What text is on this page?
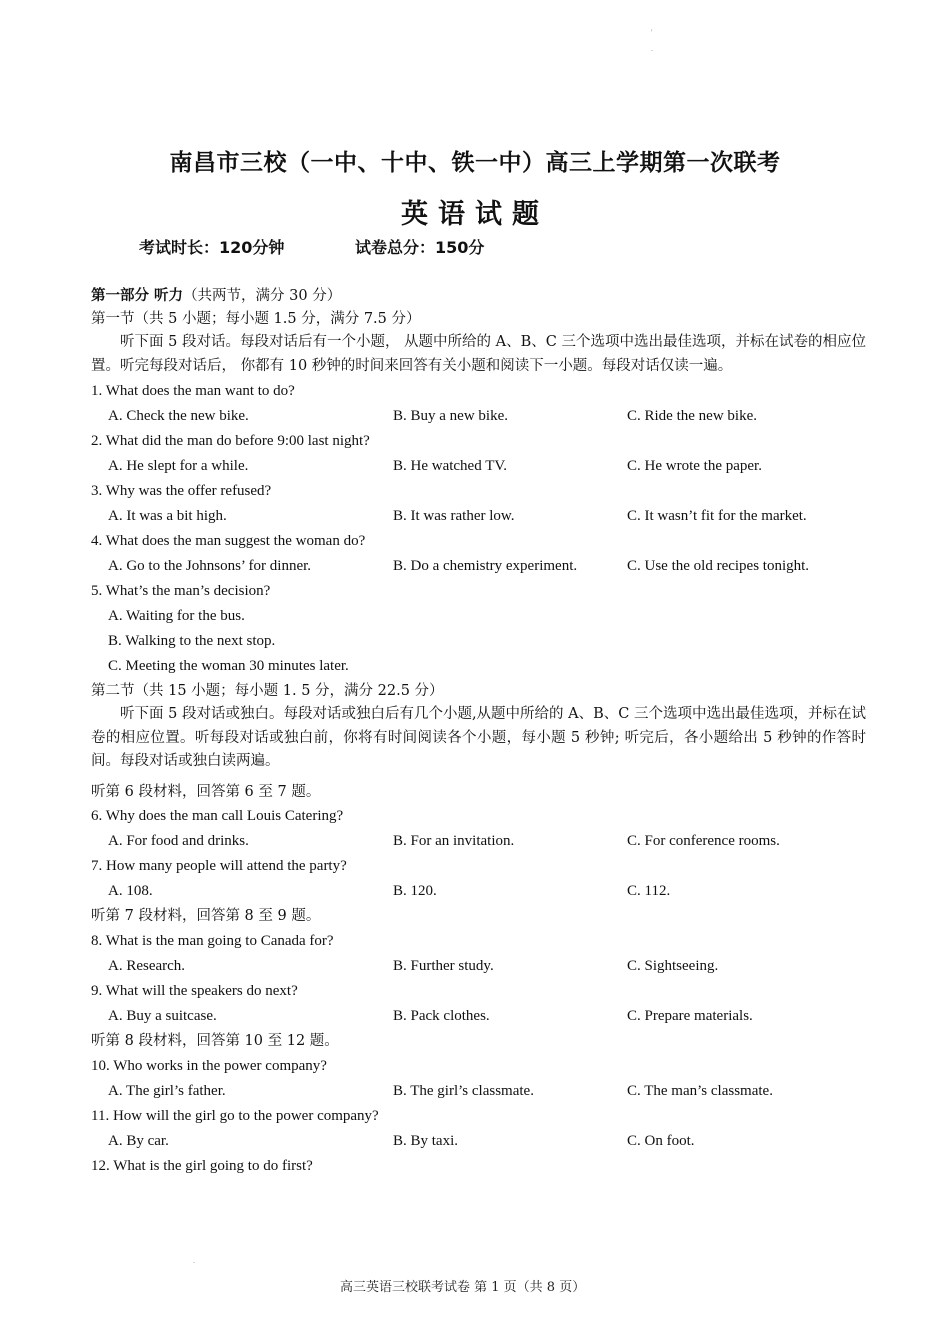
'
.
.
南昌市三校（一中、十中、铁一中）高三上学期第一次联考
英语试题
考试时长：120分钟	试卷总分：150分
第一部分 听力（共两节，满分 30 分）
第一节（共 5 小题；每小题 1.5 分，满分 7.5 分）
听下面 5 段对话。每段对话后有一个小题， 从题中所给的 A、B、C 三个选项中选出最佳选项，并标在试卷的相应位置。听完每段对话后， 你都有 10 秒钟的时间来回答有关小题和阅读下一小题。每段对话仅读一遍。
1. What does the man want to do?
A. Check the new bike.	B. Buy a new bike.	C. Ride the new bike.
2. What did the man do before 9:00 last night?
A. He slept for a while.	B. He watched TV.	C. He wrote the paper.
3. Why was the offer refused?
A. It was a bit high.	B. It was rather low.	C. It wasn’t fit for the market.
4. What does the man suggest the woman do?
A. Go to the Johnsons’ for dinner.	B. Do a chemistry experiment.	C. Use the old recipes tonight.
5. What’s the man’s decision?
A. Waiting for the bus.
B. Walking to the next stop.
C. Meeting the woman 30 minutes later.
第二节（共 15 小题；每小题 1. 5 分，满分 22.5 分）
听下面 5 段对话或独白。每段对话或独白后有几个小题,从题中所给的 A、B、C 三个选项中选出最佳选项，并标在试卷的相应位置。听每段对话或独白前，你将有时间阅读各个小题，每小题 5 秒钟; 听完后，各小题给出 5 秒钟的作答时间。每段对话或独白读两遍。
听第 6 段材料，回答第 6 至 7 题。
6. Why does the man call Louis Catering?
A. For food and drinks.	B. For an invitation.	C. For conference rooms.
7. How many people will attend the party?
A. 108.	B. 120.	C. 112.
听第 7 段材料，回答第 8 至 9 题。
8. What is the man going to Canada for?
A. Research.	B. Further study.	C. Sightseeing.
9. What will the speakers do next?
A. Buy a suitcase.	B. Pack clothes.	C. Prepare materials.
听第 8 段材料，回答第 10 至 12 题。
10. Who works in the power company?
A. The girl’s father.	B. The girl’s classmate.	C. The man’s classmate.
11. How will the girl go to the power company?
A. By car.	B. By taxi.	C. On foot.
12. What is the girl going to do first?
高三英语三校联考试卷 第 1 页（共 8 页）
